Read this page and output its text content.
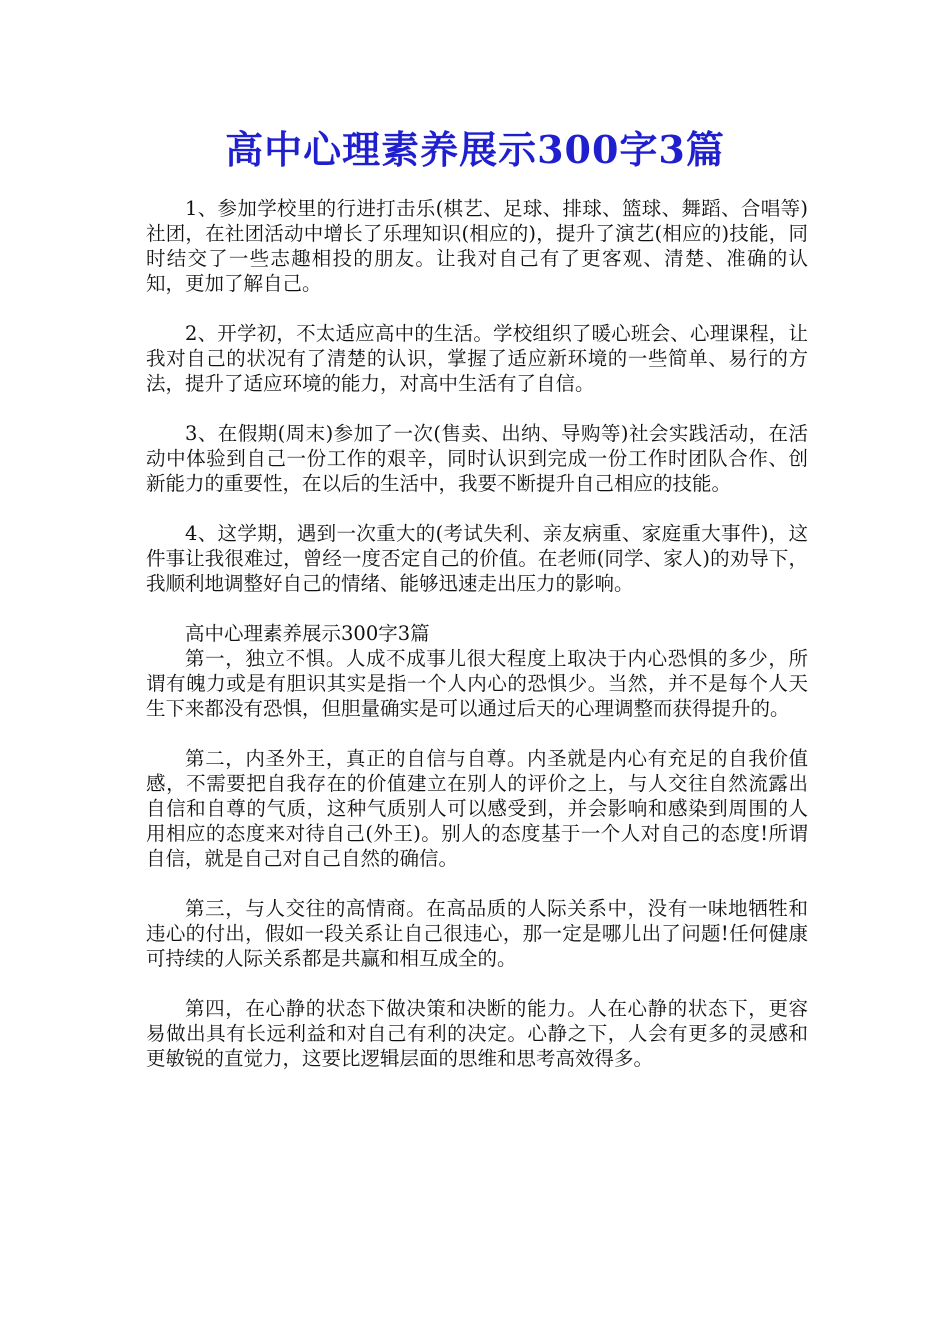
高中心理素养展示300字3篇

1、参加学校里的行进打击乐(棋艺、足球、排球、篮球、舞蹈、合唱等)社团，在社团活动中增长了乐理知识(相应的)，提升了演艺(相应的)技能，同时结交了一些志趣相投的朋友。让我对自己有了更客观、清楚、准确的认知，更加了解自己。

2、开学初，不太适应高中的生活。学校组织了暖心班会、心理课程，让我对自己的状况有了清楚的认识，掌握了适应新环境的一些简单、易行的方法，提升了适应环境的能力，对高中生活有了自信。

3、在假期(周末)参加了一次(售卖、出纳、导购等)社会实践活动，在活动中体验到自己一份工作的艰辛，同时认识到完成一份工作时团队合作、创新能力的重要性，在以后的生活中，我要不断提升自己相应的技能。

4、这学期，遇到一次重大的(考试失利、亲友病重、家庭重大事件)，这件事让我很难过，曾经一度否定自己的价值。在老师(同学、家人)的劝导下，我顺利地调整好自己的情绪、能够迅速走出压力的影响。

高中心理素养展示300字3篇

第一，独立不惧。人成不成事儿很大程度上取决于内心恐惧的多少，所谓有魄力或是有胆识其实是指一个人内心的恐惧少。当然，并不是每个人天生下来都没有恐惧，但胆量确实是可以通过后天的心理调整而获得提升的。

第二，内圣外王，真正的自信与自尊。内圣就是内心有充足的自我价值感，不需要把自我存在的价值建立在别人的评价之上，与人交往自然流露出自信和自尊的气质，这种气质别人可以感受到，并会影响和感染到周围的人用相应的态度来对待自己(外王)。别人的态度基于一个人对自己的态度!所谓自信，就是自己对自己自然的确信。

第三，与人交往的高情商。在高品质的人际关系中，没有一味地牺牲和违心的付出，假如一段关系让自己很违心，那一定是哪儿出了问题!任何健康可持续的人际关系都是共赢和相互成全的。

第四，在心静的状态下做决策和决断的能力。人在心静的状态下，更容易做出具有长远利益和对自己有利的决定。心静之下，人会有更多的灵感和更敏锐的直觉力，这要比逻辑层面的思维和思考高效得多。
